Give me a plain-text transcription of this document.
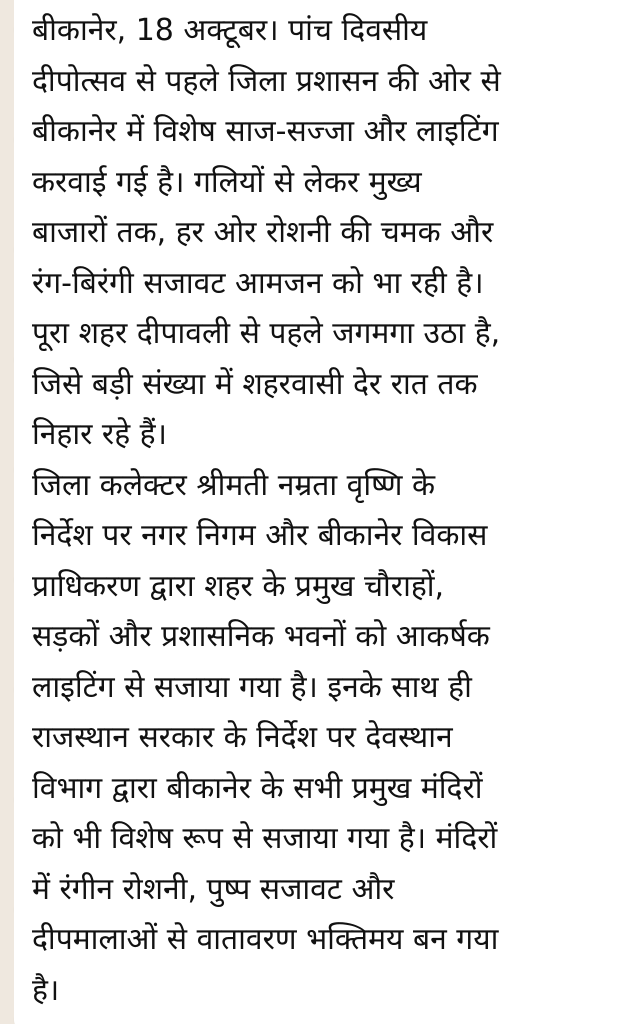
बीकानेर, 18 अक्टूबर। पांच दिवसीय
दीपोत्सव से पहले जिला प्रशासन की ओर से
बीकानेर में विशेष साज-सज्जा और लाइटिंग
करवाई गई है। गलियों से लेकर मुख्य
बाजारों तक, हर ओर रोशनी की चमक और
रंग-बिरंगी सजावट आमजन को भा रही है।
पूरा शहर दीपावली से पहले जगमगा उठा है,
जिसे बड़ी संख्या में शहरवासी देर रात तक
निहार रहे हैं।

जिला कलेक्टर श्रीमती नम्रता वृष्णि के
निर्देश पर नगर निगम और बीकानेर विकास
प्राधिकरण द्वारा शहर के प्रमुख चौराहों,
सड़कों और प्रशासनिक भवनों को आकर्षक
लाइटिंग से सजाया गया है। इनके साथ ही
राजस्थान सरकार के निर्देश पर देवस्थान
विभाग द्वारा बीकानेर के सभी प्रमुख मंदिरों
को भी विशेष रूप से सजाया गया है। मंदिरों
में रंगीन रोशनी, पुष्प सजावट और
दीपमालाओं से वातावरण भक्तिमय बन गया
है।
